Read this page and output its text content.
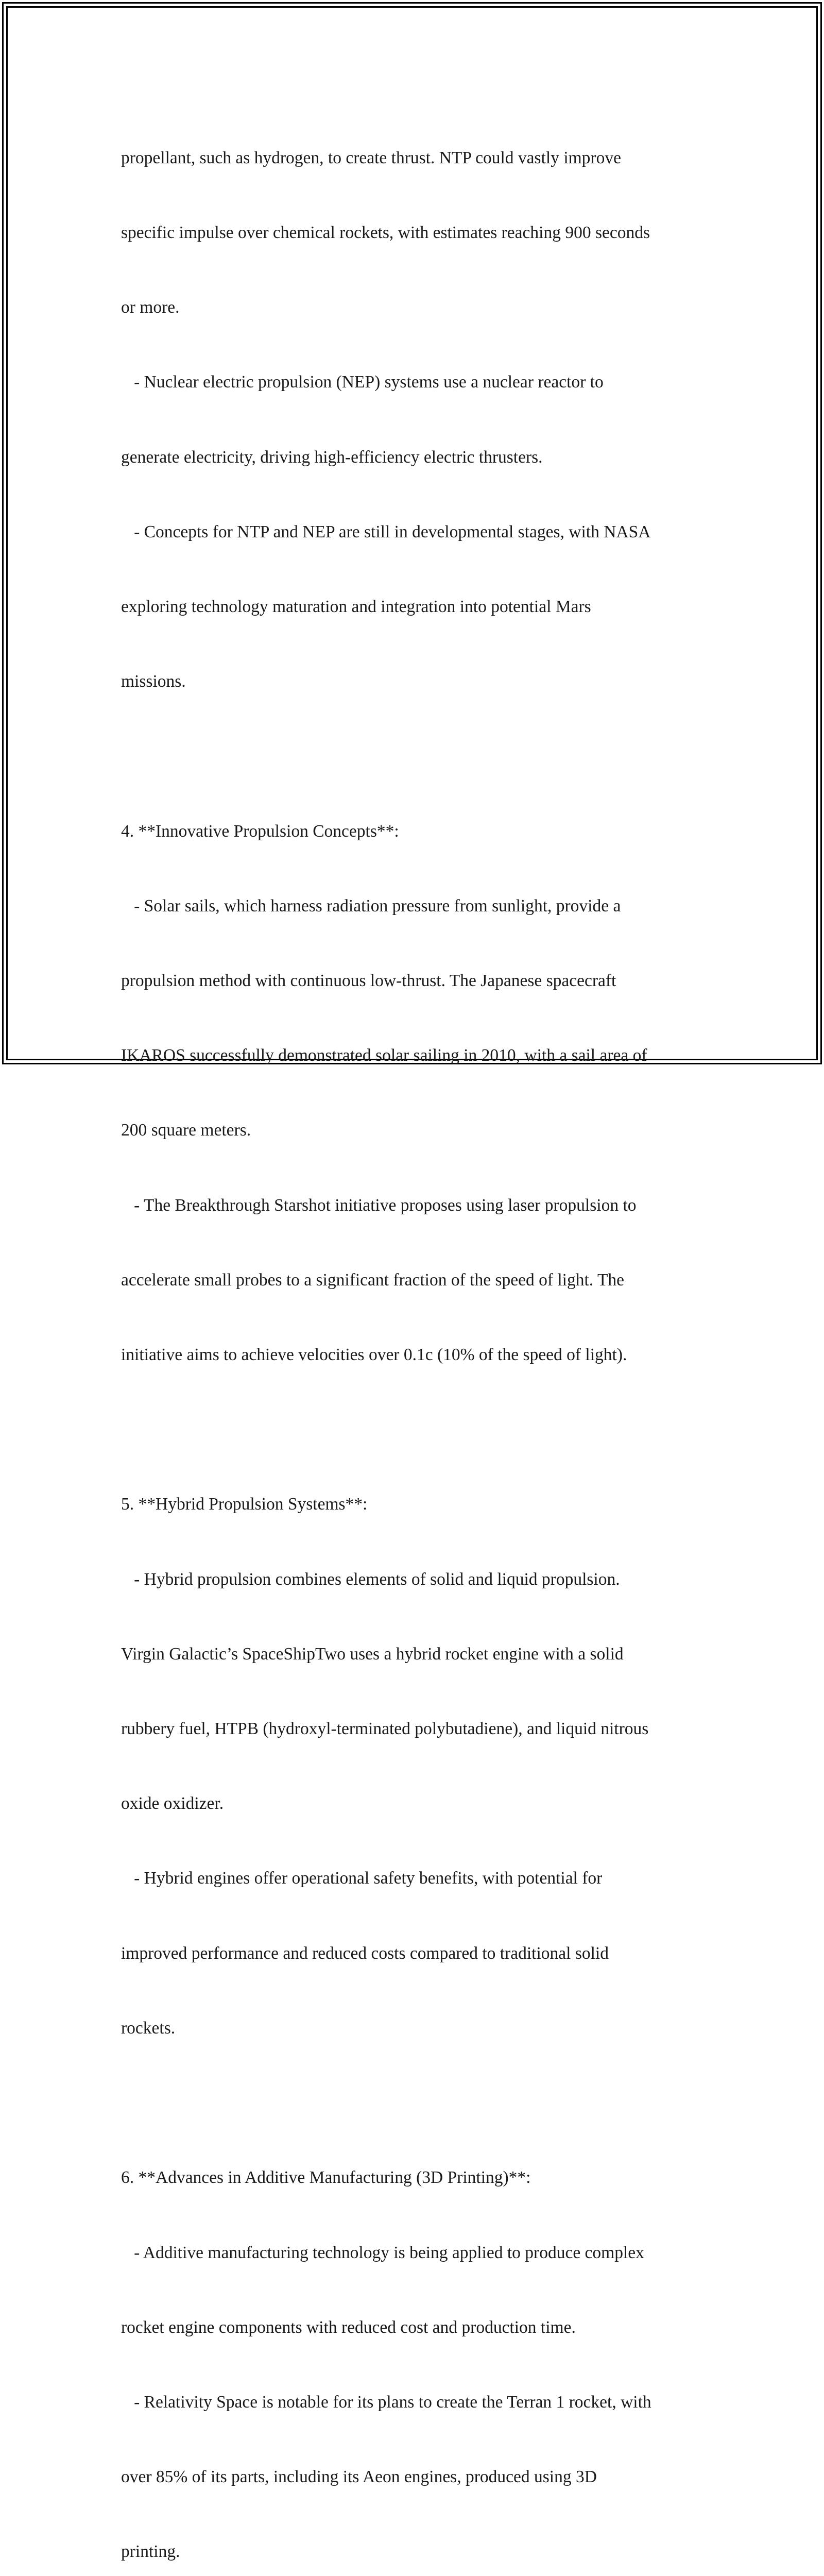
propellant, such as hydrogen, to create thrust. NTP could vastly improve

specific impulse over chemical rockets, with estimates reaching 900 seconds

or more.

- Nuclear electric propulsion (NEP) systems use a nuclear reactor to

generate electricity, driving high-efficiency electric thrusters.

- Concepts for NTP and NEP are still in developmental stages, with NASA

exploring technology maturation and integration into potential Mars

missions.

4. **Innovative Propulsion Concepts**:

- Solar sails, which harness radiation pressure from sunlight, provide a

propulsion method with continuous low-thrust. The Japanese spacecraft

IKAROS successfully demonstrated solar sailing in 2010, with a sail area of

200 square meters.

- The Breakthrough Starshot initiative proposes using laser propulsion to

accelerate small probes to a significant fraction of the speed of light. The

initiative aims to achieve velocities over 0.1c (10% of the speed of light).

5. **Hybrid Propulsion Systems**:

- Hybrid propulsion combines elements of solid and liquid propulsion.

Virgin Galactic’s SpaceShipTwo uses a hybrid rocket engine with a solid

rubbery fuel, HTPB (hydroxyl-terminated polybutadiene), and liquid nitrous

oxide oxidizer.

- Hybrid engines offer operational safety benefits, with potential for

improved performance and reduced costs compared to traditional solid

rockets.

6. **Advances in Additive Manufacturing (3D Printing)**:

- Additive manufacturing technology is being applied to produce complex

rocket engine components with reduced cost and production time.

- Relativity Space is notable for its plans to create the Terran 1 rocket, with

over 85% of its parts, including its Aeon engines, produced using 3D

printing.
